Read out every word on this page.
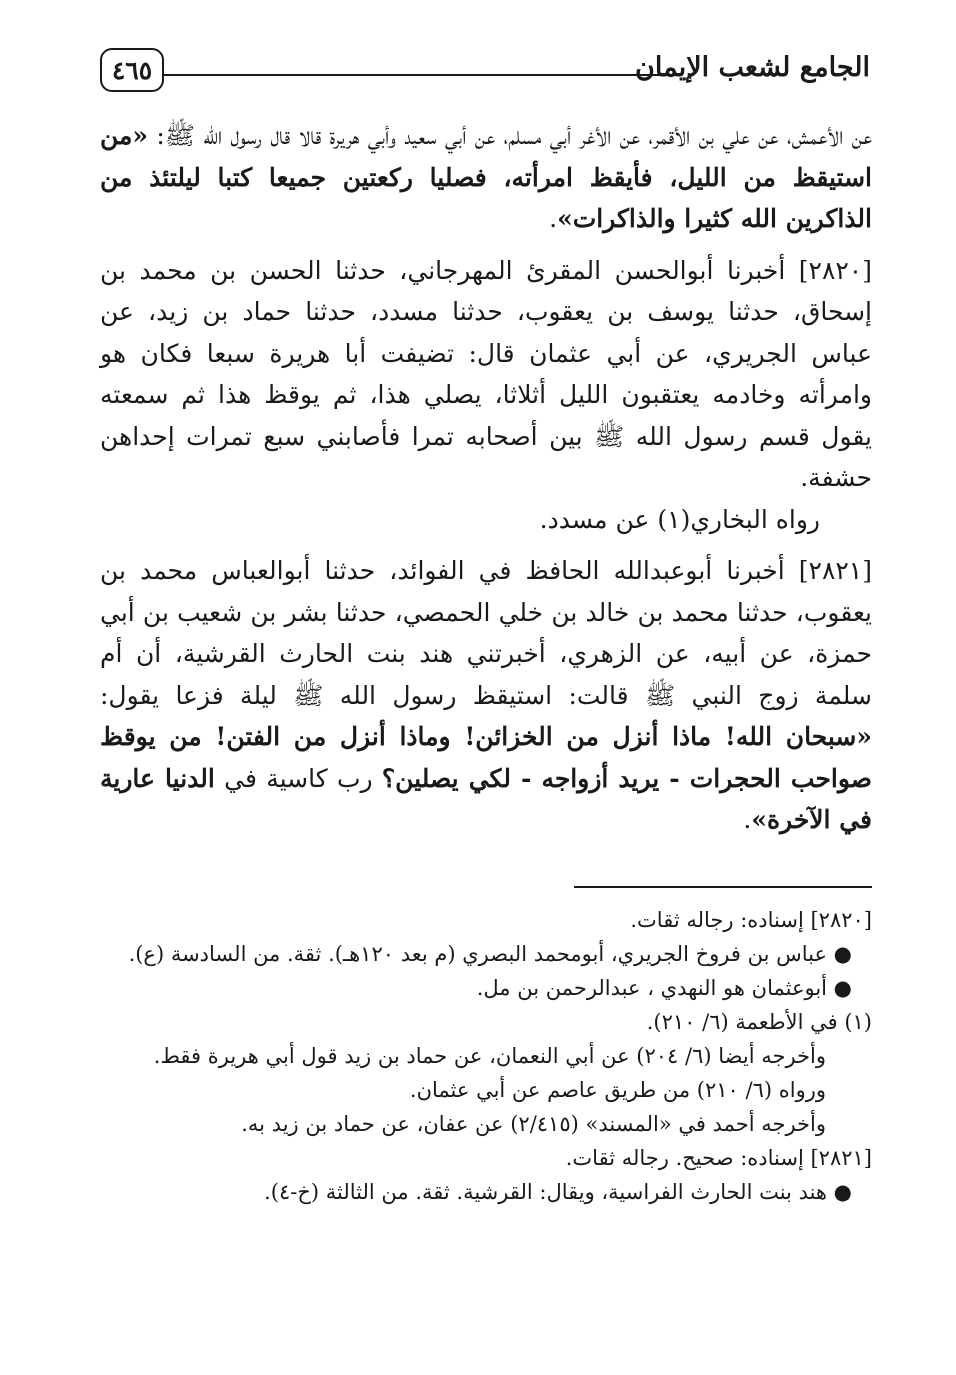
الجامع لشعب الإيمان
٤٦٥

عن الأعمش، عن علي بن الأقمر، عن الأغر أبي مسلم، عن أبي سعيد وأبي هريرة قالا قال رسول الله ﷺ: «من استيقظ من الليل، فأيقظ امرأته، فصليا ركعتين جميعا كتبا ليلتئذ من الذاكرين الله كثيرا والذاكرات».

[٢٨٢٠] أخبرنا أبوالحسن المقرئ المهرجاني، حدثنا الحسن بن محمد بن إسحاق، حدثنا يوسف بن يعقوب، حدثنا مسدد، حدثنا حماد بن زيد، عن عباس الجريري، عن أبي عثمان قال: تضيفت أبا هريرة سبعا فكان هو وامرأته وخادمه يعتقبون الليل أثلاثا، يصلي هذا، ثم يوقظ هذا ثم سمعته يقول قسم رسول الله ﷺ بين أصحابه تمرا فأصابني سبع تمرات إحداهن حشفة.

رواه البخاري(١) عن مسدد.

[٢٨٢١] أخبرنا أبوعبدالله الحافظ في الفوائد، حدثنا أبوالعباس محمد بن يعقوب، حدثنا محمد بن خالد بن خلي الحمصي، حدثنا بشر بن شعيب بن أبي حمزة، عن أبيه، عن الزهري، أخبرتني هند بنت الحارث القرشية، أن أم سلمة زوج النبي ﷺ قالت: استيقظ رسول الله ﷺ ليلة فزعا يقول: «سبحان الله! ماذا أنزل من الخزائن! وماذا أنزل من الفتن! من يوقظ صواحب الحجرات - يريد أزواجه - لكي يصلين؟ رب كاسية في الدنيا عارية في الآخرة».

[٢٨٢٠] إسناده: رجاله ثقات.

● عباس بن فروخ الجريري، أبومحمد البصري (م بعد ١٢٠هـ). ثقة. من السادسة (ع).

● أبوعثمان هو النهدي ، عبدالرحمن بن مل.

(١) في الأطعمة (٦/ ٢١٠).

وأخرجه أيضا (٦/ ٢٠٤) عن أبي النعمان، عن حماد بن زيد قول أبي هريرة فقط.

ورواه (٦/ ٢١٠) من طريق عاصم عن أبي عثمان.

وأخرجه أحمد في «المسند» (٢/٤١٥) عن عفان، عن حماد بن زيد به.

[٢٨٢١] إسناده: صحيح. رجاله ثقات.

● هند بنت الحارث الفراسية، ويقال: القرشية. ثقة. من الثالثة (خ-٤).
